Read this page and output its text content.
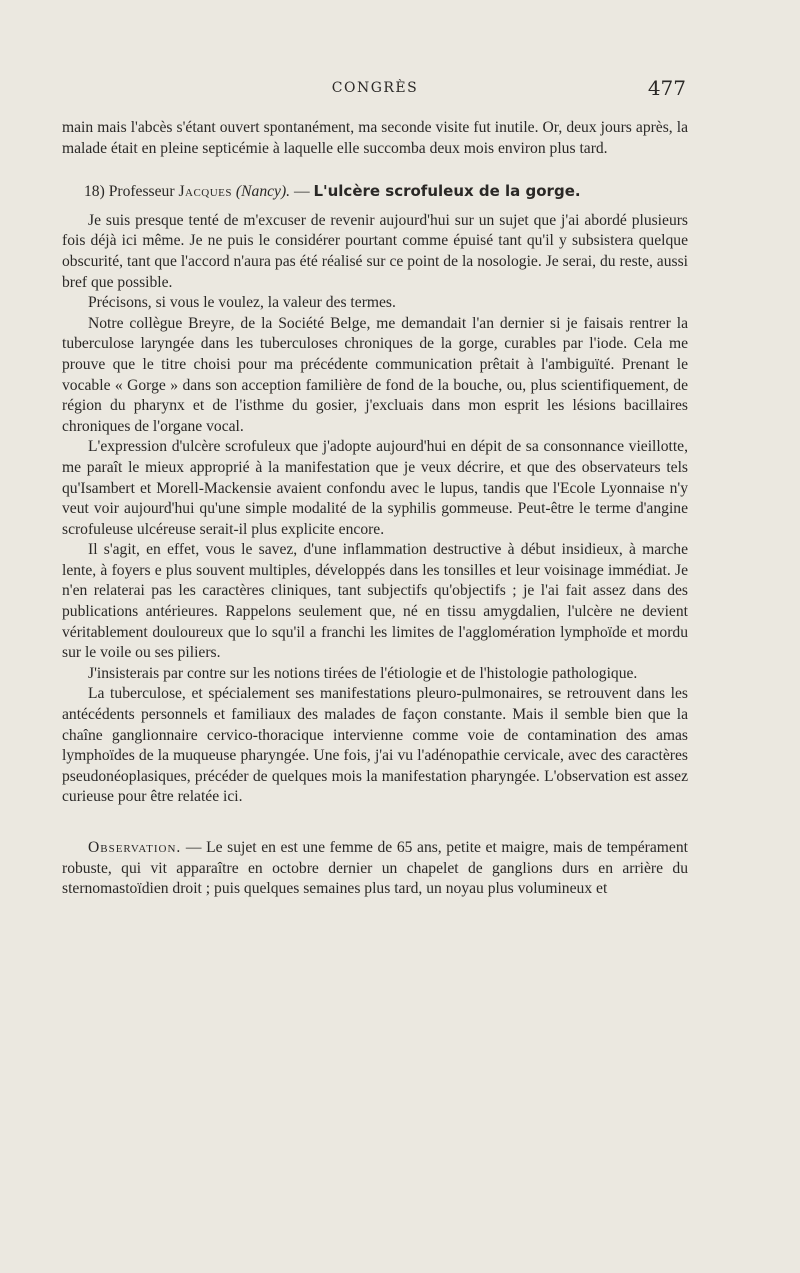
CONGRÈS	477

main mais l'abcès s'étant ouvert spontanément, ma seconde visite fut inutile. Or, deux jours après, la malade était en pleine septicémie à laquelle elle succomba deux mois environ plus tard.

18) Professeur Jacques (Nancy). — L'ulcère scrofuleux de la gorge.

Je suis presque tenté de m'excuser de revenir aujourd'hui sur un sujet que j'ai abordé plusieurs fois déjà ici même. Je ne puis le considérer pourtant comme épuisé tant qu'il y subsistera quelque obscurité, tant que l'accord n'aura pas été réalisé sur ce point de la nosologie. Je serai, du reste, aussi bref que possible.

Précisons, si vous le voulez, la valeur des termes.

Notre collègue Breyre, de la Société Belge, me demandait l'an dernier si je faisais rentrer la tuberculose laryngée dans les tuberculoses chroniques de la gorge, curables par l'iode. Cela me prouve que le titre choisi pour ma précédente communication prêtait à l'ambiguïté. Prenant le vocable « Gorge » dans son acception familière de fond de la bouche, ou, plus scientifiquement, de région du pharynx et de l'isthme du gosier, j'excluais dans mon esprit les lésions bacillaires chroniques de l'organe vocal.

L'expression d'ulcère scrofuleux que j'adopte aujourd'hui en dépit de sa consonnance vieillotte, me paraît le mieux approprié à la manifestation que je veux décrire, et que des observateurs tels qu'Isambert et Morell-Mackensie avaient confondu avec le lupus, tandis que l'Ecole Lyonnaise n'y veut voir aujourd'hui qu'une simple modalité de la syphilis gommeuse. Peut-être le terme d'angine scrofuleuse ulcéreuse serait-il plus explicite encore.

Il s'agit, en effet, vous le savez, d'une inflammation destructive à début insidieux, à marche lente, à foyers e plus souvent multiples, développés dans les tonsilles et leur voisinage immédiat. Je n'en relaterai pas les caractères cliniques, tant subjectifs qu'objectifs ; je l'ai fait assez dans des publications antérieures. Rappelons seulement que, né en tissu amygdalien, l'ulcère ne devient véritablement douloureux que lo squ'il a franchi les limites de l'agglomération lymphoïde et mordu sur le voile ou ses piliers.

J'insisterais par contre sur les notions tirées de l'étiologie et de l'histologie pathologique.

La tuberculose, et spécialement ses manifestations pleuro-pulmonaires, se retrouvent dans les antécédents personnels et familiaux des malades de façon constante. Mais il semble bien que la chaîne ganglionnaire cervico-thoracique intervienne comme voie de contamination des amas lymphoïdes de la muqueuse pharyngée. Une fois, j'ai vu l'adénopathie cervicale, avec des caractères pseudonéoplasiques, précéder de quelques mois la manifestation pharyngée. L'observation est assez curieuse pour être relatée ici.

Observation. — Le sujet en est une femme de 65 ans, petite et maigre, mais de tempérament robuste, qui vit apparaître en octobre dernier un chapelet de ganglions durs en arrière du sternomastoïdien droit ; puis quelques semaines plus tard, un noyau plus volumineux et
